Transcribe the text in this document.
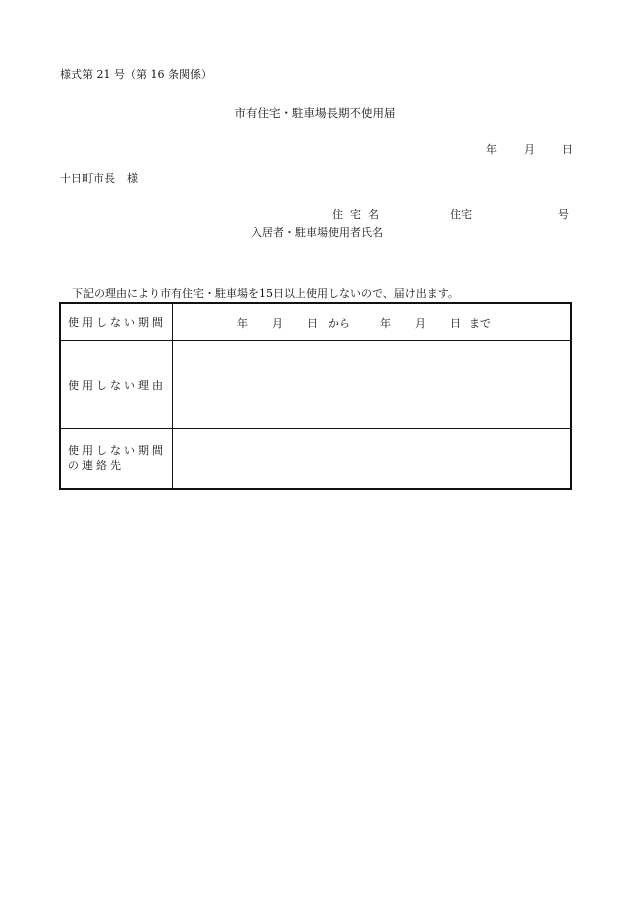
様式第 21 号（第 16 条関係）
市有住宅・駐車場長期不使用届
年 月 日
十日町市長 様
住宅名	住宅	号
入居者・駐車場使用者氏名
下記の理由により市有住宅・駐車場を15日以上使用しないので、届け出ます。
使用しない期間	年 月 日 から	年 月 日 まで
使用しない理由
使用しない期間の連絡先
